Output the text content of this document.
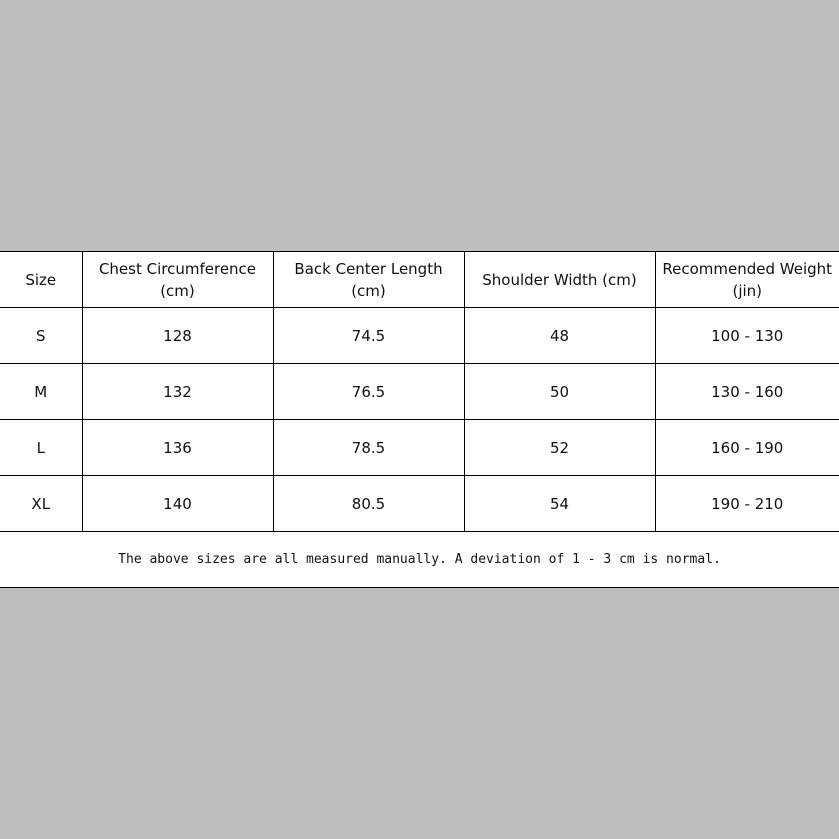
Size	Chest Circumference (cm)	Back Center Length (cm)	Shoulder Width (cm)	Recommended Weight (jin)
S	128	74.5	48	100 - 130
M	132	76.5	50	130 - 160
L	136	78.5	52	160 - 190
XL	140	80.5	54	190 - 210
The above sizes are all measured manually. A deviation of 1 - 3 cm is normal.				
